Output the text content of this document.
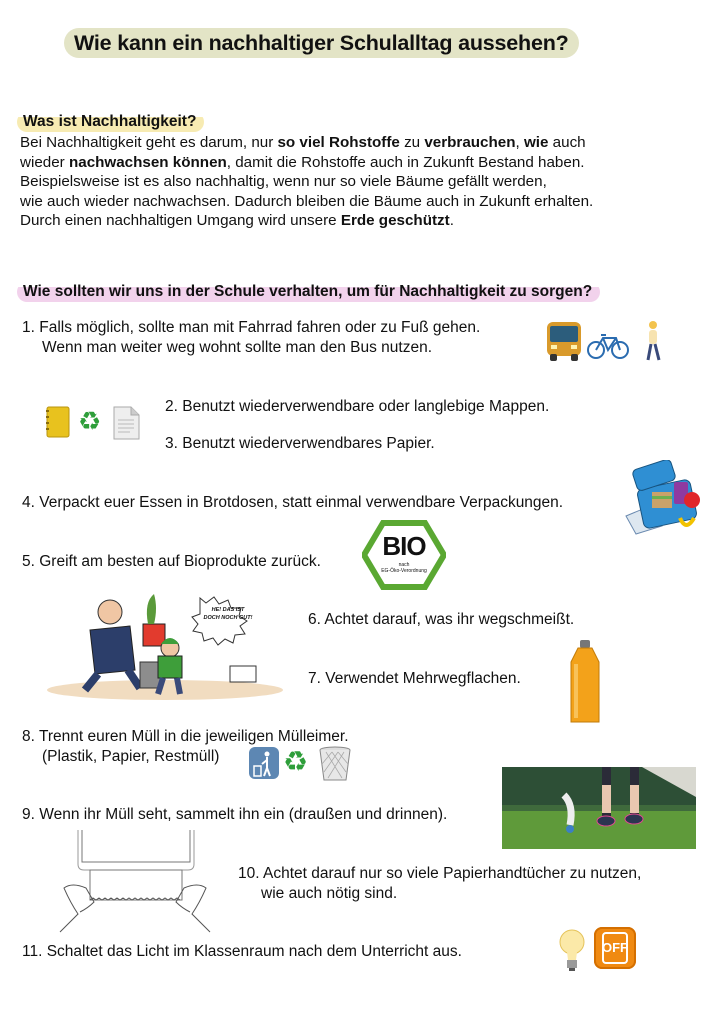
Wie kann ein nachhaltiger Schulalltag aussehen?
Was ist Nachhaltigkeit?
Bei Nachhaltigkeit geht es darum, nur so viel Rohstoffe zu verbrauchen, wie auch
wieder nachwachsen können, damit die Rohstoffe auch in Zukunft Bestand haben.
Beispielsweise ist es also nachhaltig, wenn nur so viele Bäume gefällt werden,
wie auch wieder nachwachsen. Dadurch bleiben die Bäume auch in Zukunft erhalten.
Durch einen nachhaltigen Umgang wird unsere Erde geschützt.
Wie sollten wir uns in der Schule verhalten, um für Nachhaltigkeit zu sorgen?
1. Falls möglich, sollte man mit Fahrrad fahren oder zu Fuß gehen.
Wenn man weiter weg wohnt sollte man den Bus nutzen.
♻	2. Benutzt wiederverwendbare oder langlebige Mappen.
3. Benutzt wiederverwendbares Papier.
4. Verpackt euer Essen in Brotdosen, statt einmal verwendbare Verpackungen.
5. Greift am besten auf Bioprodukte zurück.
BIO
nach
EG-Öko-Verordnung
HE! DAS IST
DOCH NOCH GUT!	6. Achtet darauf, was ihr wegschmeißt.
7. Verwendet Mehrwegflachen.
8. Trennt euren Müll in die jeweiligen Mülleimer.
(Plastik, Papier, Restmüll) ♻
9. Wenn ihr Müll seht, sammelt ihn ein (draußen und drinnen).
10. Achtet darauf nur so viele Papierhandtücher zu nutzen,
wie auch nötig sind.
11. Schaltet das Licht im Klassenraum nach dem Unterricht aus.	OFF
